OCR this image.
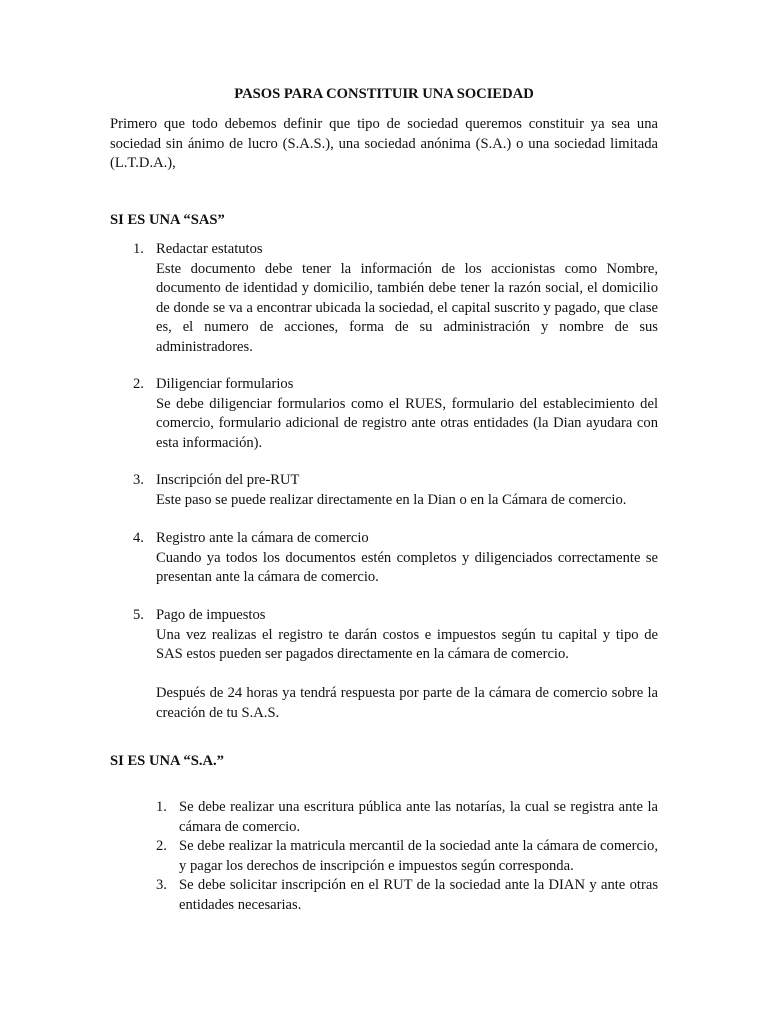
PASOS PARA CONSTITUIR UNA SOCIEDAD

Primero que todo debemos definir que tipo de sociedad queremos constituir ya sea una sociedad sin ánimo de lucro (S.A.S.), una sociedad anónima (S.A.) o una sociedad limitada (L.T.D.A.),

SI ES UNA “SAS”
1. Redactar estatutos

Este documento debe tener la información de los accionistas como Nombre, documento de identidad y domicilio, también debe tener la razón social, el domicilio de donde se va a encontrar ubicada la sociedad, el capital suscrito y pagado, que clase es, el numero de acciones, forma de su administración y nombre de sus administradores.

2. Diligenciar formularios

Se debe diligenciar formularios como el RUES, formulario del establecimiento del comercio, formulario adicional de registro ante otras entidades (la Dian ayudara con esta información).

3. Inscripción del pre-RUT

Este paso se puede realizar directamente en la Dian o en la Cámara de comercio.

4. Registro ante la cámara de comercio

Cuando ya todos los documentos estén completos y diligenciados correctamente se presentan ante la cámara de comercio.

5. Pago de impuestos

Una vez realizas el registro te darán costos e impuestos según tu capital y tipo de SAS estos pueden ser pagados directamente en la cámara de comercio.

Después de 24 horas ya tendrá respuesta por parte de la cámara de comercio sobre la creación de tu S.A.S.

SI ES UNA “S.A.”
1. Se debe realizar una escritura pública ante las notarías, la cual se registra ante la cámara de comercio.
2. Se debe realizar la matricula mercantil de la sociedad ante la cámara de comercio, y pagar los derechos de inscripción e impuestos según corresponda.
3. Se debe solicitar inscripción en el RUT de la sociedad ante la DIAN y ante otras entidades necesarias.
